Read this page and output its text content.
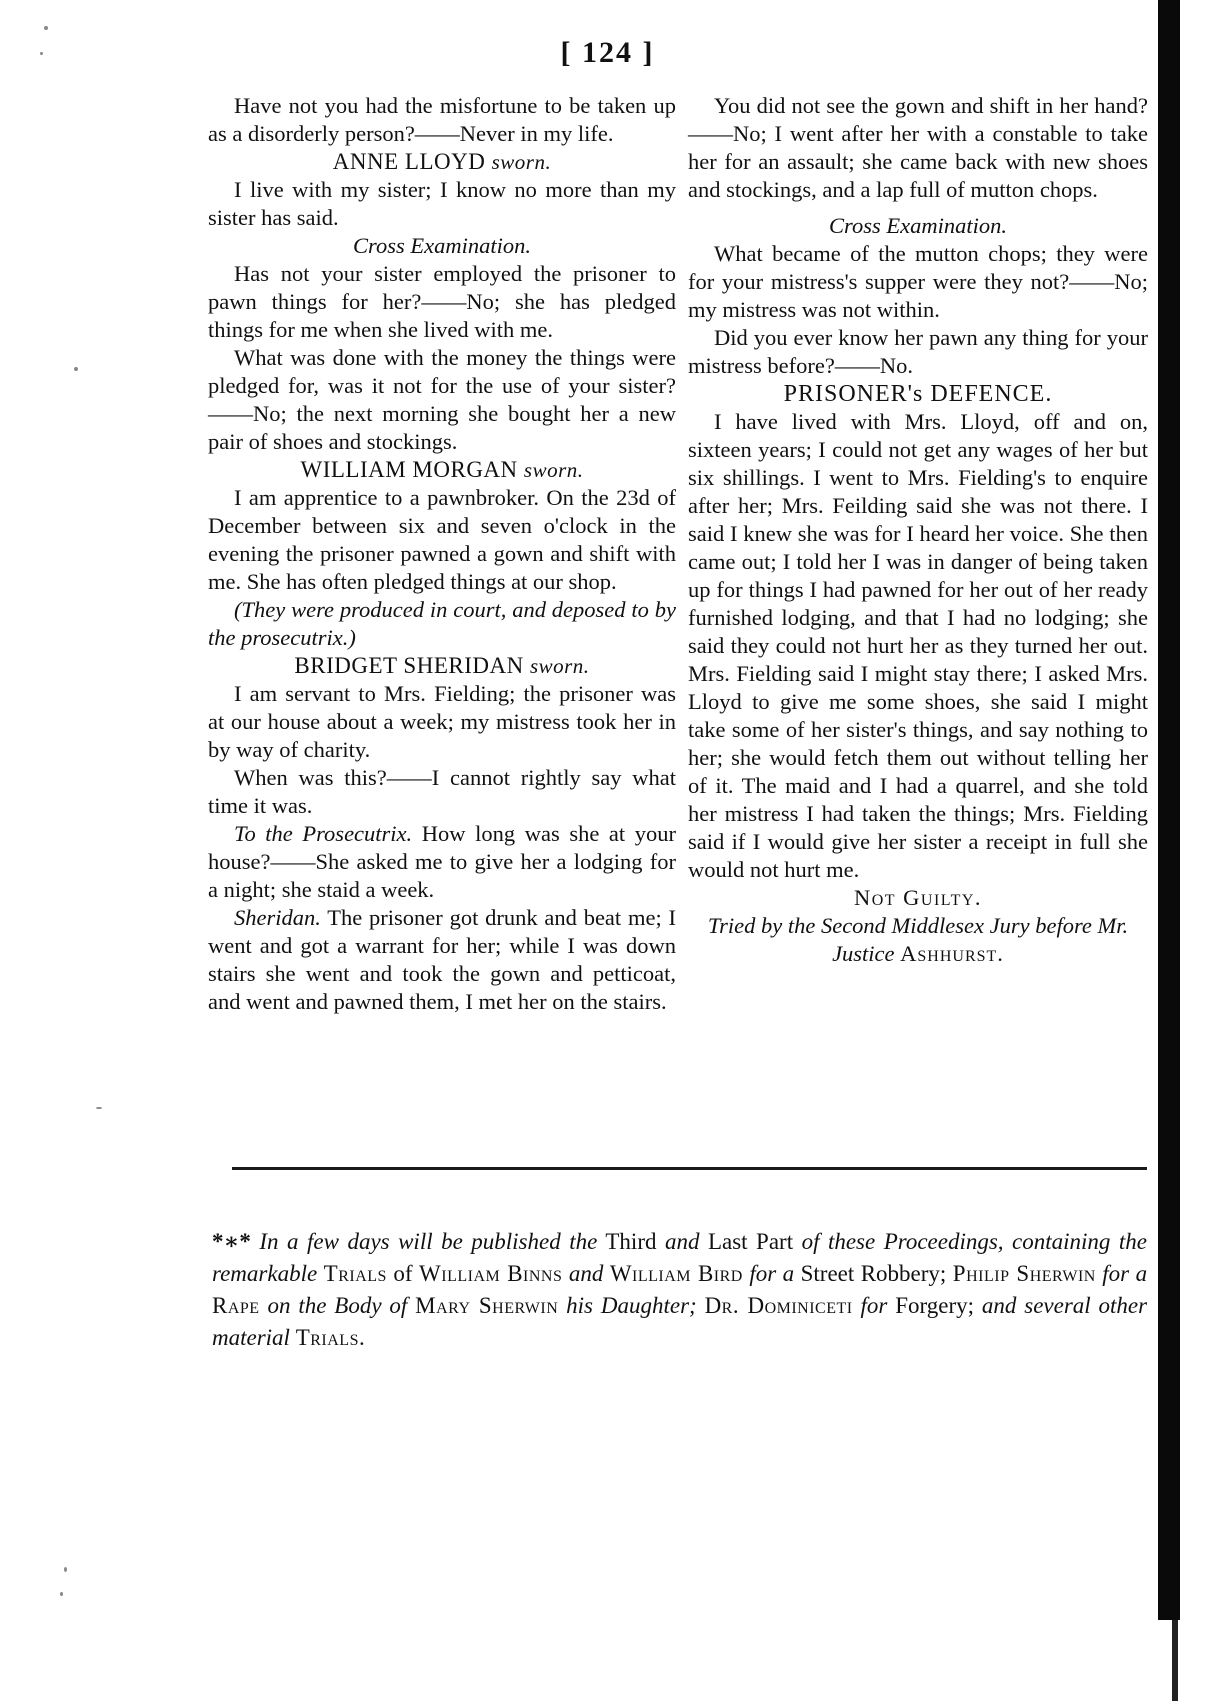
[ 124 ]

Have not you had the misfortune to be taken up as a disorderly person?——Never in my life.

ANNE LLOYD sworn.

I live with my sister; I know no more than my sister has said.

Cross Examination.

Has not your sister employed the prisoner to pawn things for her?——No; she has pledged things for me when she lived with me.

What was done with the money the things were pledged for, was it not for the use of your sister?——No; the next morning she bought her a new pair of shoes and stockings.

WILLIAM MORGAN sworn.

I am apprentice to a pawnbroker. On the 23d of December between six and seven o'clock in the evening the prisoner pawned a gown and shift with me. She has often pledged things at our shop.

(They were produced in court, and deposed to by the prosecutrix.)

BRIDGET SHERIDAN sworn.

I am servant to Mrs. Fielding; the prisoner was at our house about a week; my mistress took her in by way of charity.

When was this?——I cannot rightly say what time it was.

To the Prosecutrix. How long was she at your house?——She asked me to give her a lodging for a night; she staid a week.

Sheridan. The prisoner got drunk and beat me; I went and got a warrant for her; while I was down stairs she went and took the gown and petticoat, and went and pawned them, I met her on the stairs.

You did not see the gown and shift in her hand?——No; I went after her with a constable to take her for an assault; she came back with new shoes and stockings, and a lap full of mutton chops.

Cross Examination.

What became of the mutton chops; they were for your mistress's supper were they not?——No; my mistress was not within.

Did you ever know her pawn any thing for your mistress before?——No.

PRISONER's DEFENCE.

I have lived with Mrs. Lloyd, off and on, sixteen years; I could not get any wages of her but six shillings. I went to Mrs. Fielding's to enquire after her; Mrs. Feilding said she was not there. I said I knew she was for I heard her voice. She then came out; I told her I was in danger of being taken up for things I had pawned for her out of her ready furnished lodging, and that I had no lodging; she said they could not hurt her as they turned her out. Mrs. Fielding said I might stay there; I asked Mrs. Lloyd to give me some shoes, she said I might take some of her sister's things, and say nothing to her; she would fetch them out without telling her of it. The maid and I had a quarrel, and she told her mistress I had taken the things; Mrs. Fielding said if I would give her sister a receipt in full she would not hurt me.

Not Guilty.

Tried by the Second Middlesex Jury before Mr. Justice Ashhurst.

*∗* In a few days will be published the Third and Last Part of these Proceedings, containing the remarkable Trials of William Binns and William Bird for a Street Robbery; Philip Sherwin for a Rape on the Body of Mary Sherwin his Daughter; Dr. Dominiceti for Forgery; and several other material Trials.
